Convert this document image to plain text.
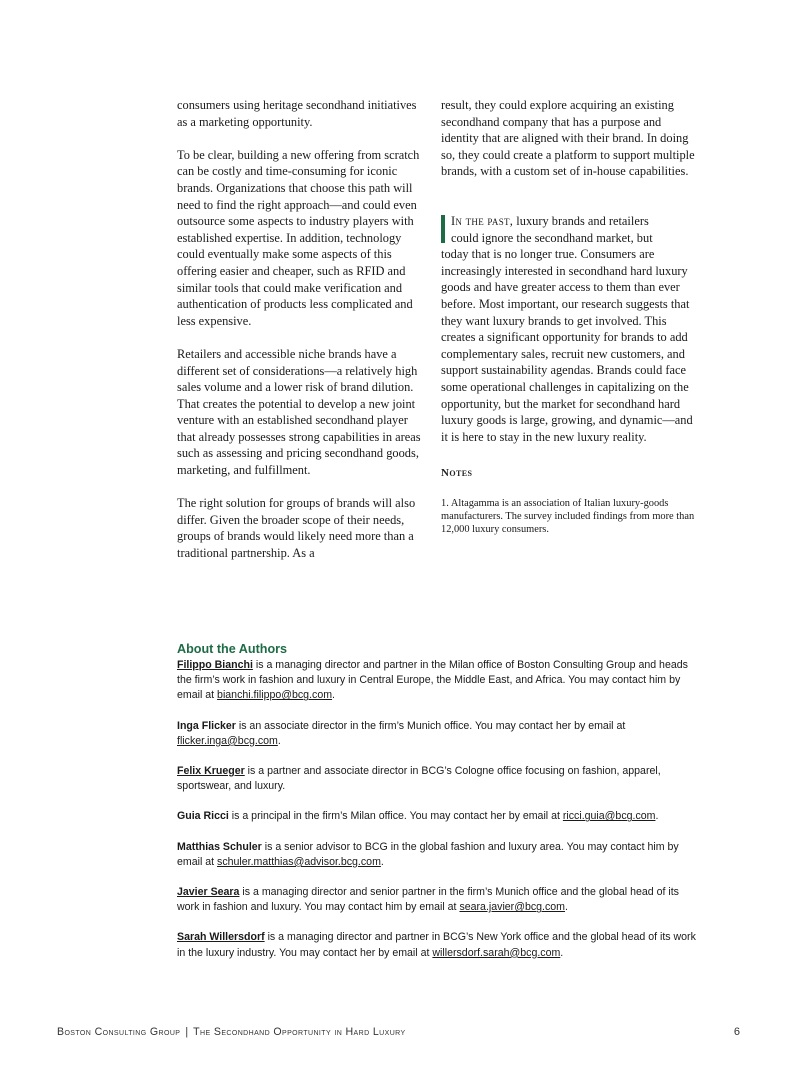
consumers using heritage secondhand initiatives as a marketing opportunity.

To be clear, building a new offering from scratch can be costly and time-consuming for iconic brands. Organizations that choose this path will need to find the right approach—and could even outsource some aspects to industry players with established expertise. In addition, technology could eventually make some aspects of this offering easier and cheaper, such as RFID and similar tools that could make verification and authentication of products less complicated and less expensive.

Retailers and accessible niche brands have a different set of considerations—a relatively high sales volume and a lower risk of brand dilution. That creates the potential to develop a new joint venture with an established secondhand player that already possesses strong capabilities in areas such as assessing and pricing secondhand goods, marketing, and fulfillment.

The right solution for groups of brands will also differ. Given the broader scope of their needs, groups of brands would likely need more than a traditional partnership. As a

result, they could explore acquiring an existing secondhand company that has a purpose and identity that are aligned with their brand. In doing so, they could create a platform to support multiple brands, with a custom set of in-house capabilities.

In the past, luxury brands and retailers
could ignore the secondhand market, but
today that is no longer true. Consumers are increasingly interested in secondhand hard luxury goods and have greater access to them than ever before. Most important, our research suggests that they want luxury brands to get involved. This creates a significant opportunity for brands to add complementary sales, recruit new customers, and support sustainability agendas. Brands could face some operational challenges in capitalizing on the opportunity, but the market for secondhand hard luxury goods is large, growing, and dynamic—and it is here to stay in the new luxury reality.

Notes

1. Altagamma is an association of Italian luxury-goods manufacturers. The survey included findings from more than 12,000 luxury consumers.

About the Authors

Filippo Bianchi is a managing director and partner in the Milan office of Boston Consulting Group and heads the firm’s work in fashion and luxury in Central Europe, the Middle East, and Africa. You may contact him by email at bianchi.filippo@bcg.com.

Inga Flicker is an associate director in the firm’s Munich office. You may contact her by email at flicker.inga@bcg.com.

Felix Krueger is a partner and associate director in BCG’s Cologne office focusing on fashion, apparel, sportswear, and luxury.

Guia Ricci is a principal in the firm’s Milan office. You may contact her by email at ricci.guia@bcg.com.

Matthias Schuler is a senior advisor to BCG in the global fashion and luxury area. You may contact him by email at schuler.matthias@advisor.bcg.com.

Javier Seara is a managing director and senior partner in the firm’s Munich office and the global head of its work in fashion and luxury. You may contact him by email at seara.javier@bcg.com.

Sarah Willersdorf is a managing director and partner in BCG’s New York office and the global head of its work in the luxury industry. You may contact her by email at willersdorf.sarah@bcg.com.

Boston Consulting Group | The Secondhand Opportunity in Hard Luxury	6
